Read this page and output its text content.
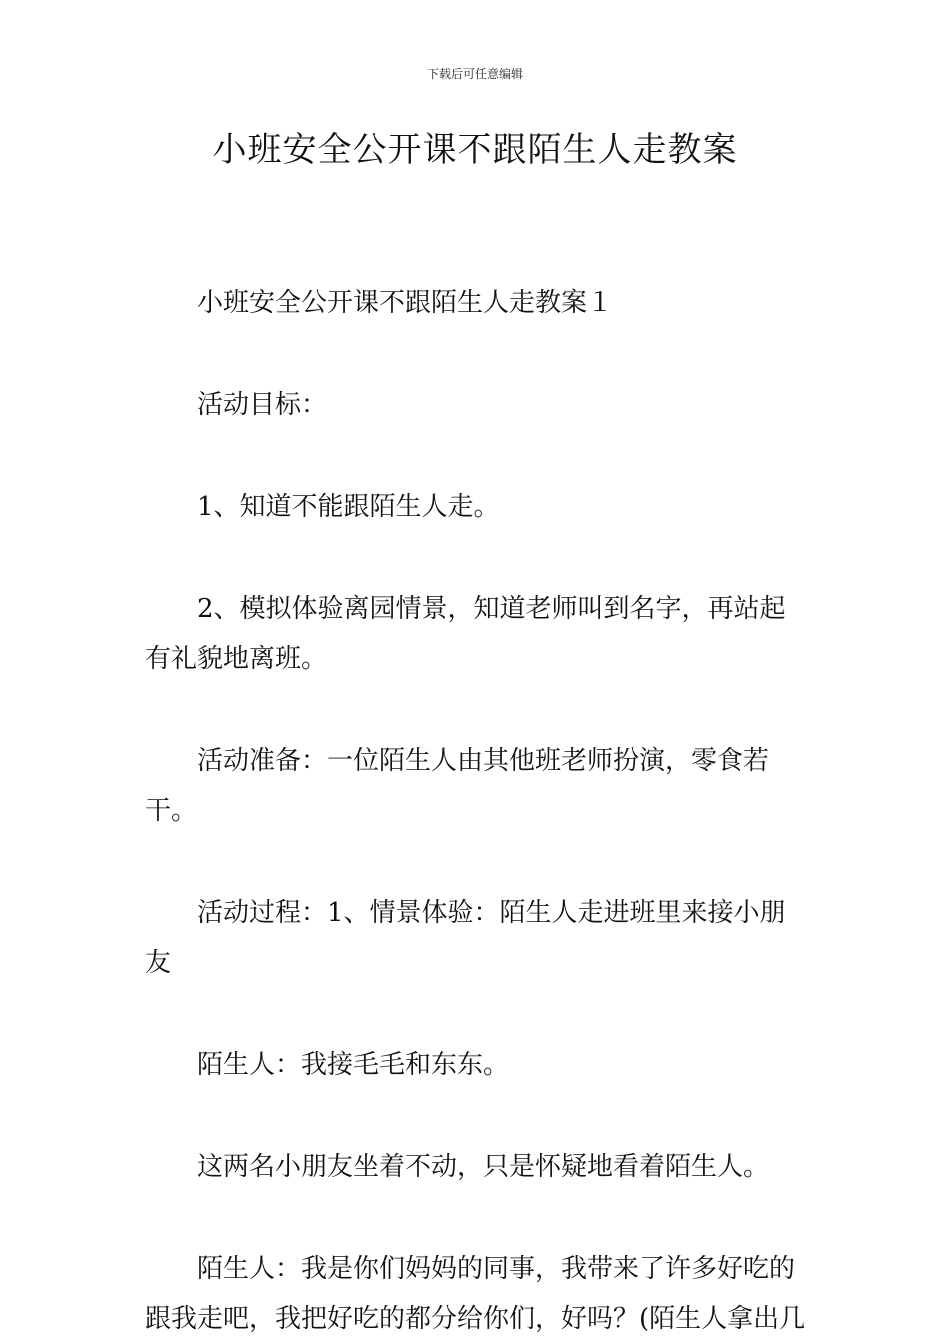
下载后可任意编辑
小班安全公开课不跟陌生人走教案

小班安全公开课不跟陌生人走教案１

活动目标：

1、知道不能跟陌生人走。

2、模拟体验离园情景，知道老师叫到名字，再站起有礼貌地离班。

活动准备：一位陌生人由其他班老师扮演，零食若干。

活动过程：1、情景体验：陌生人走进班里来接小朋友

陌生人：我接毛毛和东东。

这两名小朋友坐着不动，只是怀疑地看着陌生人。

陌生人：我是你们妈妈的同事，我带来了许多好吃的跟我走吧，我把好吃的都分给你们，好吗？(陌生人拿出几
